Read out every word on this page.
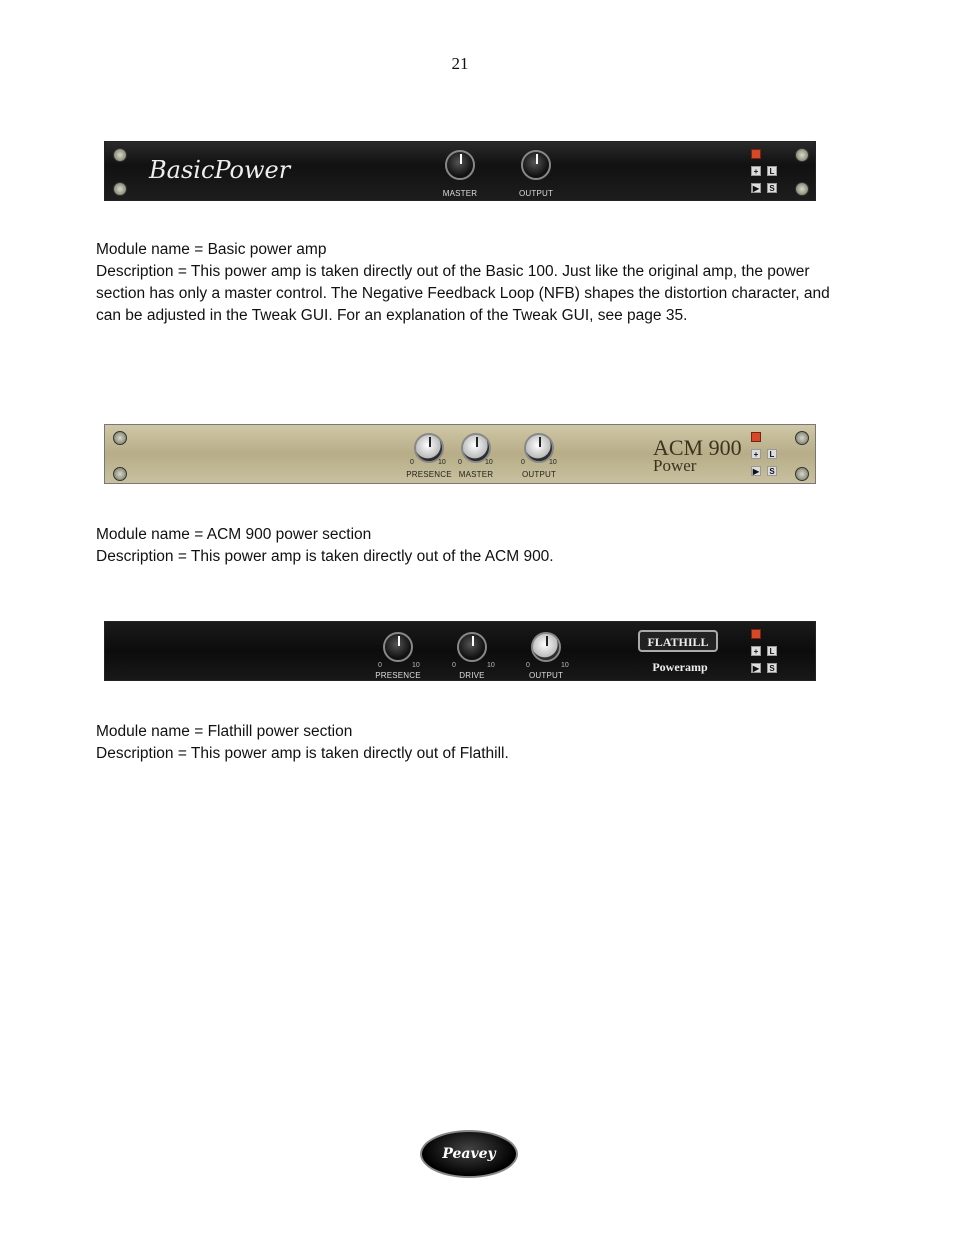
21
BasicPower
MASTER	OUTPUT
+	L
▶ S

Module name = Basic power amp

Description = This power amp is taken directly out of the Basic 100. Just like the original amp, the power section has only a master control. The Negative Feedback Loop (NFB) shapes the distortion character, and can be adjusted in the Tweak GUI. For an explanation of the Tweak GUI, see page 35.

0	10
PRESENCE
0	10
MASTER
0	10
OUTPUT
ACM 900
Power
+	L
▶ S

Module name = ACM 900 power section

Description = This power amp is taken directly out of the ACM 900.

0	10
PRESENCE
0	10
DRIVE
0	10
OUTPUT
FLATHILL
Poweramp
+	L
▶ S

Module name = Flathill power section

Description = This power amp is taken directly out of Flathill.

Peavey
